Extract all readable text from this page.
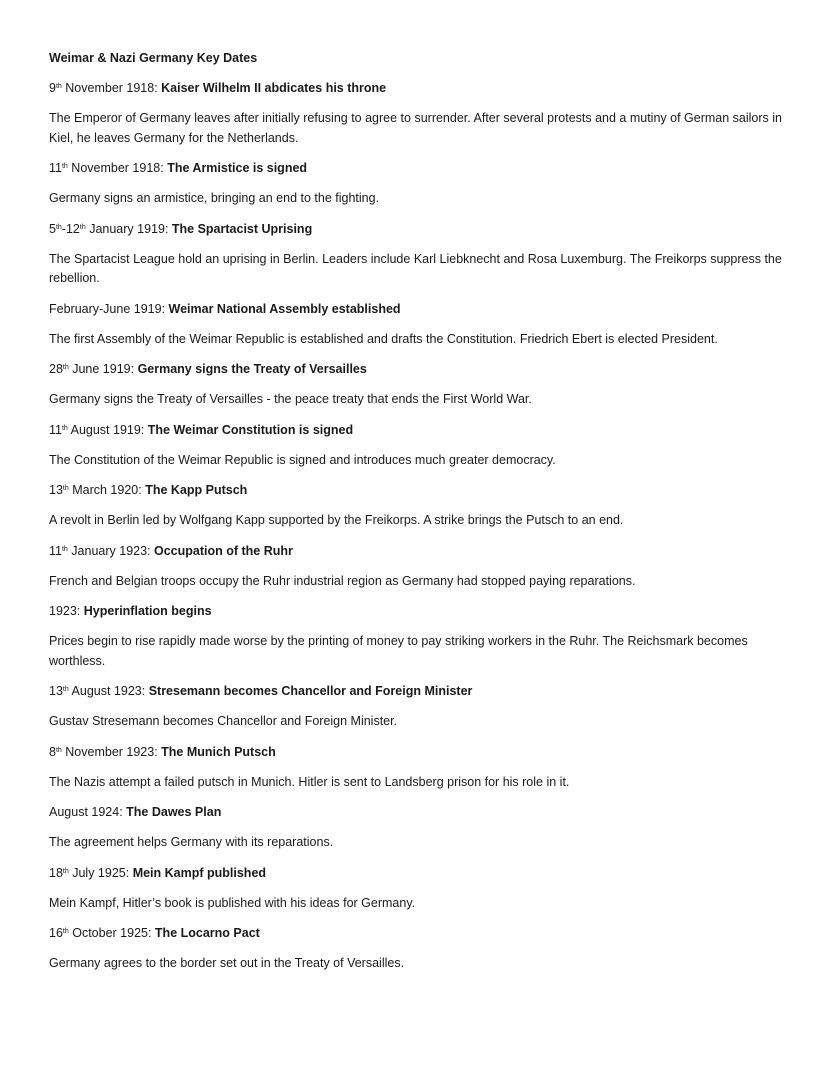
Weimar & Nazi Germany Key Dates
9th November 1918: Kaiser Wilhelm II abdicates his throne
The Emperor of Germany leaves after initially refusing to agree to surrender. After several protests and a mutiny of German sailors in Kiel, he leaves Germany for the Netherlands.
11th November 1918: The Armistice is signed
Germany signs an armistice, bringing an end to the fighting.
5th-12th January 1919: The Spartacist Uprising
The Spartacist League hold an uprising in Berlin. Leaders include Karl Liebknecht and Rosa Luxemburg. The Freikorps suppress the rebellion.
February-June 1919: Weimar National Assembly established
The first Assembly of the Weimar Republic is established and drafts the Constitution. Friedrich Ebert is elected President.
28th June 1919: Germany signs the Treaty of Versailles
Germany signs the Treaty of Versailles - the peace treaty that ends the First World War.
11th August 1919: The Weimar Constitution is signed
The Constitution of the Weimar Republic is signed and introduces much greater democracy.
13th March 1920: The Kapp Putsch
A revolt in Berlin led by Wolfgang Kapp supported by the Freikorps. A strike brings the Putsch to an end.
11th January 1923: Occupation of the Ruhr
French and Belgian troops occupy the Ruhr industrial region as Germany had stopped paying reparations.
1923: Hyperinflation begins
Prices begin to rise rapidly made worse by the printing of money to pay striking workers in the Ruhr. The Reichsmark becomes worthless.
13th August 1923: Stresemann becomes Chancellor and Foreign Minister
Gustav Stresemann becomes Chancellor and Foreign Minister.
8th November 1923: The Munich Putsch
The Nazis attempt a failed putsch in Munich. Hitler is sent to Landsberg prison for his role in it.
August 1924: The Dawes Plan
The agreement helps Germany with its reparations.
18th July 1925: Mein Kampf published
Mein Kampf, Hitler’s book is published with his ideas for Germany.
16th October 1925: The Locarno Pact
Germany agrees to the border set out in the Treaty of Versailles.
